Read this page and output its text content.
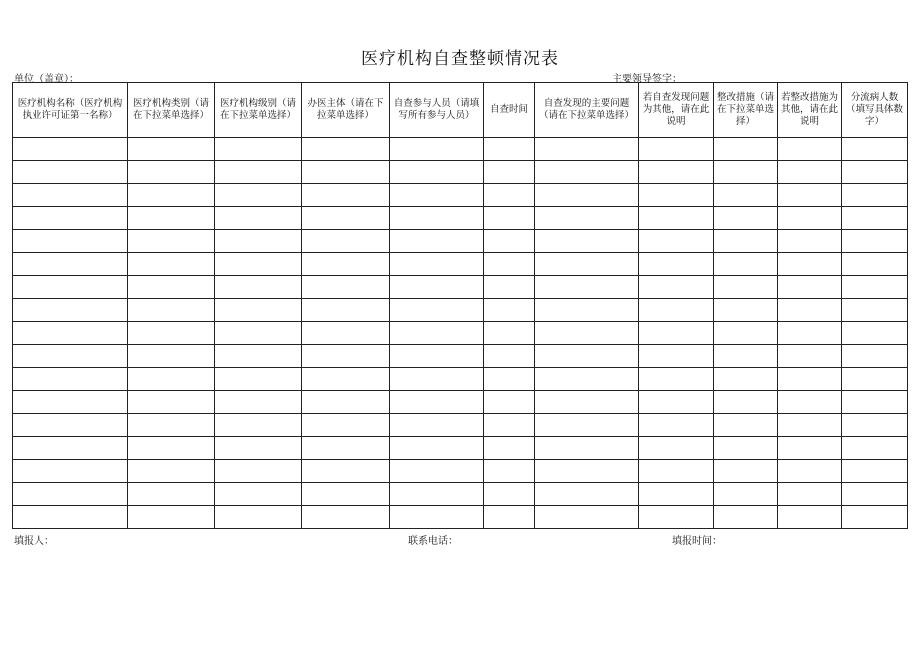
医疗机构自查整顿情况表
单位（盖章）：	主要领导签字：
医疗机构名称（医疗机构执业许可证第一名称）	医疗机构类别（请在下拉菜单选择）	医疗机构级别（请在下拉菜单选择）	办医主体（请在下拉菜单选择）	自查参与人员（请填写所有参与人员）	自查时间	自查发现的主要问题（请在下拉菜单选择）	若自查发现问题为其他，请在此说明	整改措施（请在下拉菜单选择）	若整改措施为其他，请在此说明	分流病人数（填写具体数字）

填报人：	联系电话：	填报时间：
